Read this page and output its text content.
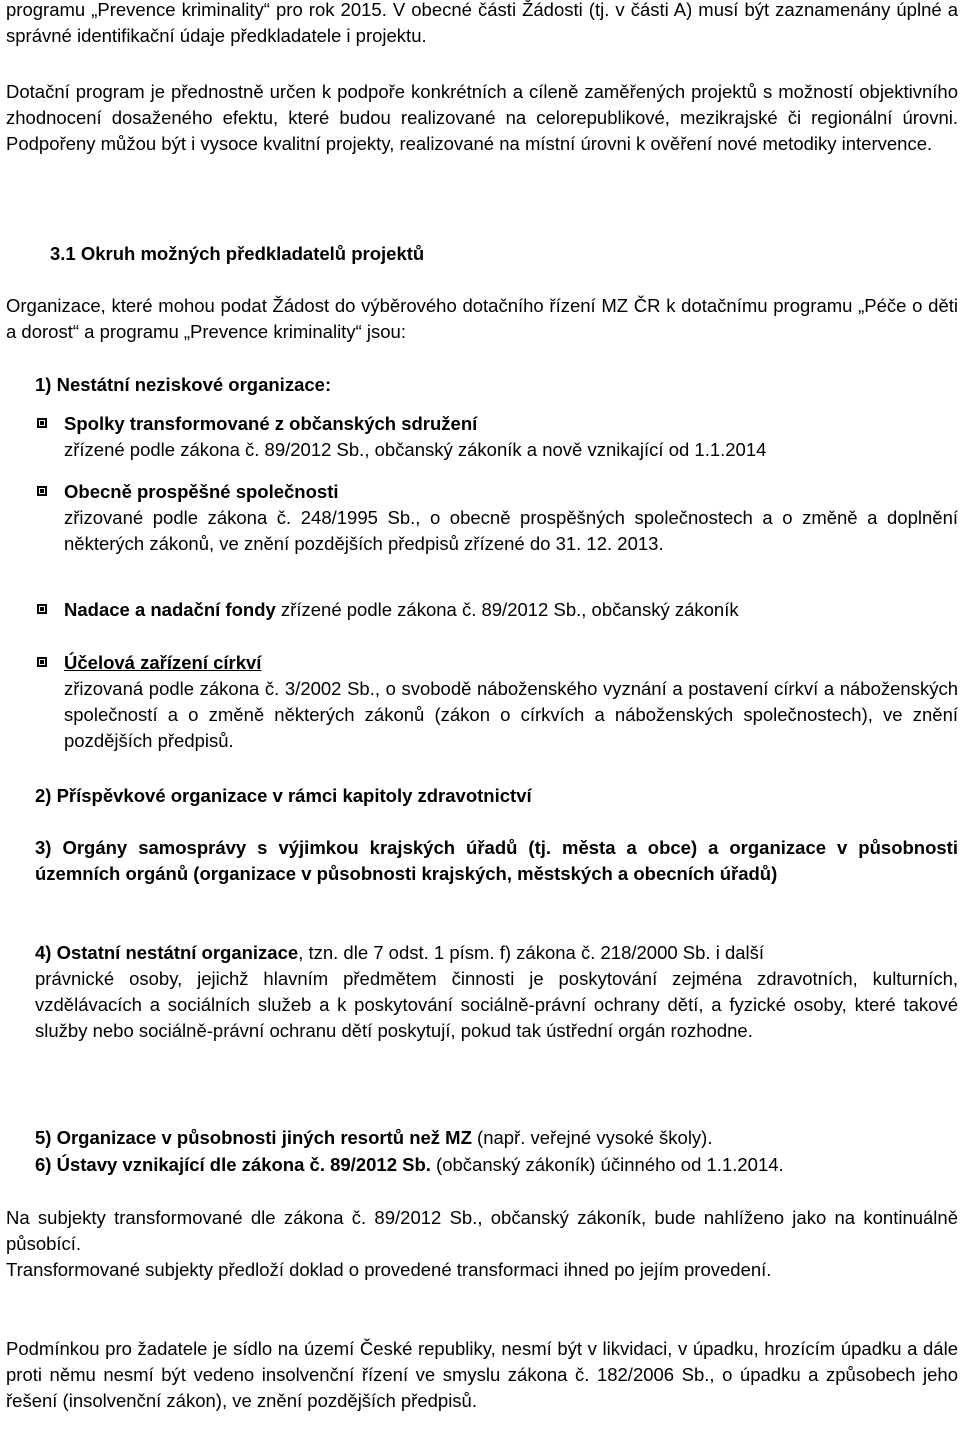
programu „Prevence kriminality“ pro rok 2015. V obecné části Žádosti (tj. v části A) musí být zaznamenány úplné a správné identifikační údaje předkladatele i projektu.

Dotační program je přednostně určen k podpoře konkrétních a cíleně zaměřených projektů s možností objektivního zhodnocení dosaženého efektu, které budou realizované na celorepublikové, mezikrajské či regionální úrovni. Podpořeny můžou být i vysoce kvalitní projekty, realizované na místní úrovni k ověření nové metodiky intervence.

3.1 Okruh možných předkladatelů projektů

Organizace, které mohou podat Žádost do výběrového dotačního řízení MZ ČR k dotačnímu programu „Péče o děti a dorost“ a programu „Prevence kriminality“ jsou:

1) Nestátní neziskové organizace:

Spolky transformované z občanských sdružení
zřízené podle zákona č. 89/2012 Sb., občanský zákoník a nově vznikající od 1.1.2014
Obecně prospěšné společnosti
zřizované podle zákona č. 248/1995 Sb., o obecně prospěšných společnostech a o změně a doplnění některých zákonů, ve znění pozdějších předpisů zřízené do 31. 12. 2013.
Nadace a nadační fondy zřízené podle zákona č. 89/2012 Sb., občanský zákoník
Účelová zařízení církví
zřizovaná podle zákona č. 3/2002 Sb., o svobodě náboženského vyznání a postavení církví a náboženských společností a o změně některých zákonů (zákon o církvích a náboženských společnostech), ve znění pozdějších předpisů.

2) Příspěvkové organizace v rámci kapitoly zdravotnictví

3) Orgány samosprávy s výjimkou krajských úřadů (tj. města a obce) a organizace v působnosti územních orgánů (organizace v působnosti krajských, městských a obecních úřadů)
4) Ostatní nestátní organizace, tzn. dle 7 odst. 1 písm. f) zákona č. 218/2000 Sb. i další
právnické osoby, jejichž hlavním předmětem činnosti je poskytování zejména zdravotních, kulturních, vzdělávacích a sociálních služeb a k poskytování sociálně-právní ochrany dětí, a fyzické osoby, které takové služby nebo sociálně-právní ochranu dětí poskytují, pokud tak ústřední orgán rozhodne.

5) Organizace v působnosti jiných resortů než MZ (např. veřejné vysoké školy).

6) Ústavy vznikající dle zákona č. 89/2012 Sb. (občanský zákoník) účinného od 1.1.2014.

Na subjekty transformované dle zákona č. 89/2012 Sb., občanský zákoník, bude nahlíženo jako na kontinuálně působící.

Transformované subjekty předloží doklad o provedené transformaci ihned po jejím provedení.

Podmínkou pro žadatele je sídlo na území České republiky, nesmí být v likvidaci, v úpadku, hrozícím úpadku a dále proti němu nesmí být vedeno insolvenční řízení ve smyslu zákona č. 182/2006 Sb., o úpadku a způsobech jeho řešení (insolvenční zákon), ve znění pozdějších předpisů.
